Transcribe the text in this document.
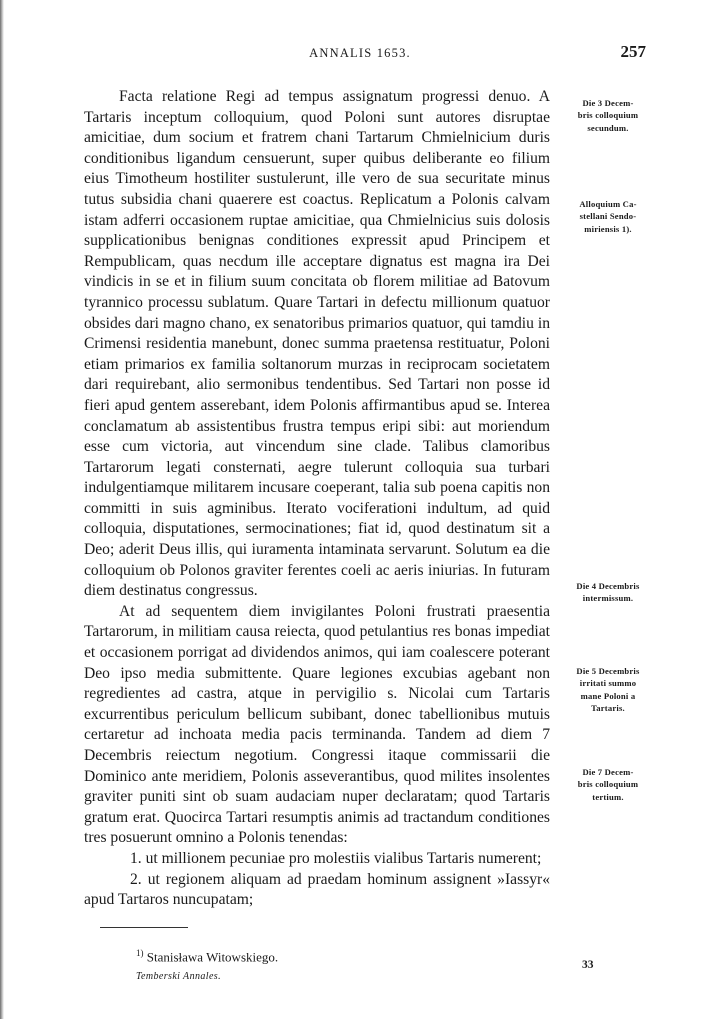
ANNALIS 1653.	257

Facta relatione Regi ad tempus assignatum progressi denuo. A Tartaris inceptum colloquium, quod Poloni sunt autores disruptae amicitiae, dum socium et fratrem chani Tartarum Chmielnicium duris conditionibus ligandum censuerunt, super quibus deliberante eo filium eius Timotheum hostiliter sustulerunt, ille vero de sua securitate minus tutus subsidia chani quaerere est coactus. Replicatum a Polonis calvam istam adferri occasionem ruptae amicitiae, qua Chmielnicius suis dolosis supplicationibus benignas conditiones expressit apud Principem et Rempublicam, quas necdum ille acceptare dignatus est magna ira Dei vindicis in se et in filium suum concitata ob florem militiae ad Batovum tyrannico processu sublatum. Quare Tartari in defectu millionum quatuor obsides dari magno chano, ex senatoribus primarios quatuor, qui tamdiu in Crimensi residentia manebunt, donec summa praetensa restituatur, Poloni etiam primarios ex familia soltanorum murzas in reciprocam societatem dari requirebant, alio sermonibus tendentibus. Sed Tartari non posse id fieri apud gentem asserebant, idem Polonis affirmantibus apud se. Interea conclamatum ab assistentibus frustra tempus eripi sibi: aut moriendum esse cum victoria, aut vincendum sine clade. Talibus clamoribus Tartarorum legati consternati, aegre tulerunt colloquia sua turbari indulgentiamque militarem incusare coeperant, talia sub poena capitis non committi in suis agminibus. Iterato vociferationi indultum, ad quid colloquia, disputationes, sermocinationes; fiat id, quod destinatum sit a Deo; aderit Deus illis, qui iuramenta intaminata servarunt. Solutum ea die colloquium ob Polonos graviter ferentes coeli ac aeris iniurias. In futuram diem destinatus congressus.

At ad sequentem diem invigilantes Poloni frustrati praesentia Tartarorum, in militiam causa reiecta, quod petulantius res bonas impediat et occasionem porrigat ad dividendos animos, qui iam coalescere poterant Deo ipso media submittente. Quare legiones excubias agebant non regredientes ad castra, atque in pervigilio s. Nicolai cum Tartaris excurrentibus periculum bellicum subibant, donec tabellionibus mutuis certaretur ad inchoata media pacis terminanda. Tandem ad diem 7 Decembris reiectum negotium. Congressi itaque commissarii die Dominico ante meridiem, Polonis asseverantibus, quod milites insolentes graviter puniti sint ob suam audaciam nuper declaratam; quod Tartaris gratum erat. Quocirca Tartari resumptis animis ad tractandum conditiones tres posuerunt omnino a Polonis tenendas:

1. ut millionem pecuniae pro molestiis vialibus Tartaris numerent;

2. ut regionem aliquam ad praedam hominum assignent »Iassyr« apud Tartaros nuncupatam;

Die 3 Decem-
bris colloquium
secundum.
Alloquium Ca-
stellani Sendo-
miriensis 1).
Die 4 Decembris
intermissum.
Die 5 Decembris
irritati summo
mane Poloni a
Tartaris.
Die 7 Decem-
bris colloquium
tertium.
$^{1)}$ Stanisława Witowskiego.
Temberski Annales.
33
